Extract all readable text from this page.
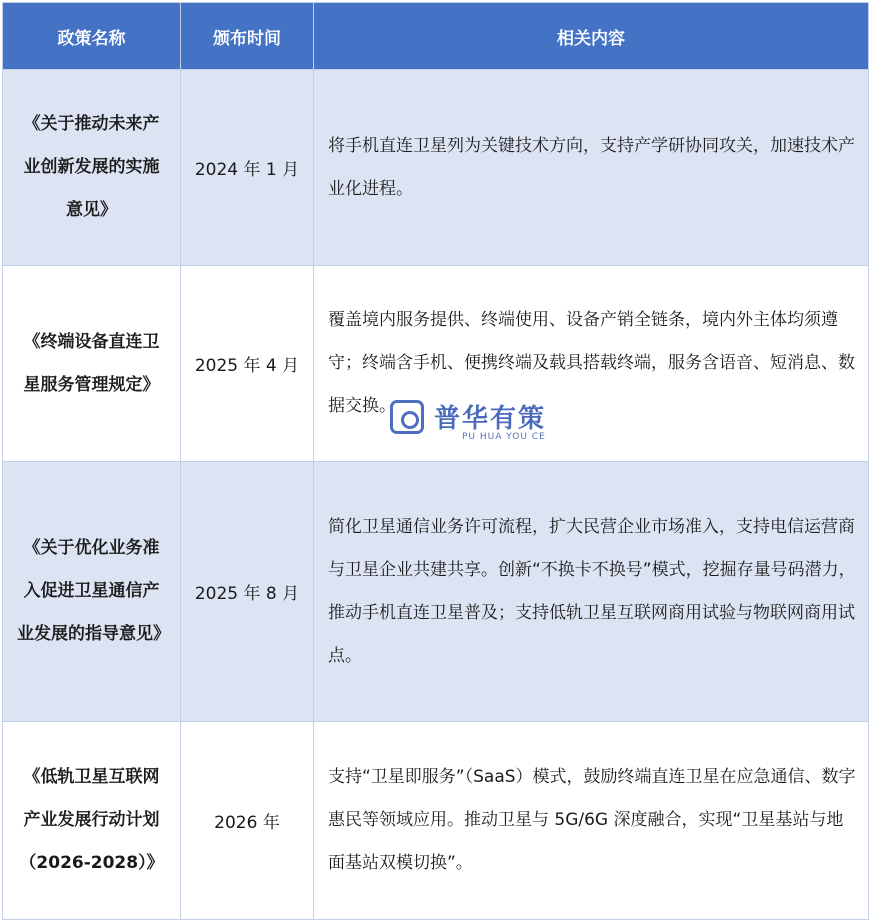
政策名称	颁布时间	相关内容
《关于推动未来产业创新发展的实施意见》	2024 年 1 月	将手机直连卫星列为关键技术方向，支持产学研协同攻关，加速技术产业化进程。
《终端设备直连卫星服务管理规定》	2025 年 4 月	覆盖境内服务提供、终端使用、设备产销全链条，境内外主体均须遵守；终端含手机、便携终端及载具搭载终端，服务含语音、短消息、数据交换。
《关于优化业务准入促进卫星通信产业发展的指导意见》	2025 年 8 月	简化卫星通信业务许可流程，扩大民营企业市场准入，支持电信运营商与卫星企业共建共享。创新“不换卡不换号”模式，挖掘存量号码潜力，推动手机直连卫星普及；支持低轨卫星互联网商用试验与物联网商用试点。
《低轨卫星互联网产业发展行动计划（2026-2028）》	2026 年	支持“卫星即服务”（SaaS）模式，鼓励终端直连卫星在应急通信、数字惠民等领域应用。推动卫星与 5G/6G 深度融合，实现“卫星基站与地面基站双模切换”。
普华有策
PU HUA YOU CE
